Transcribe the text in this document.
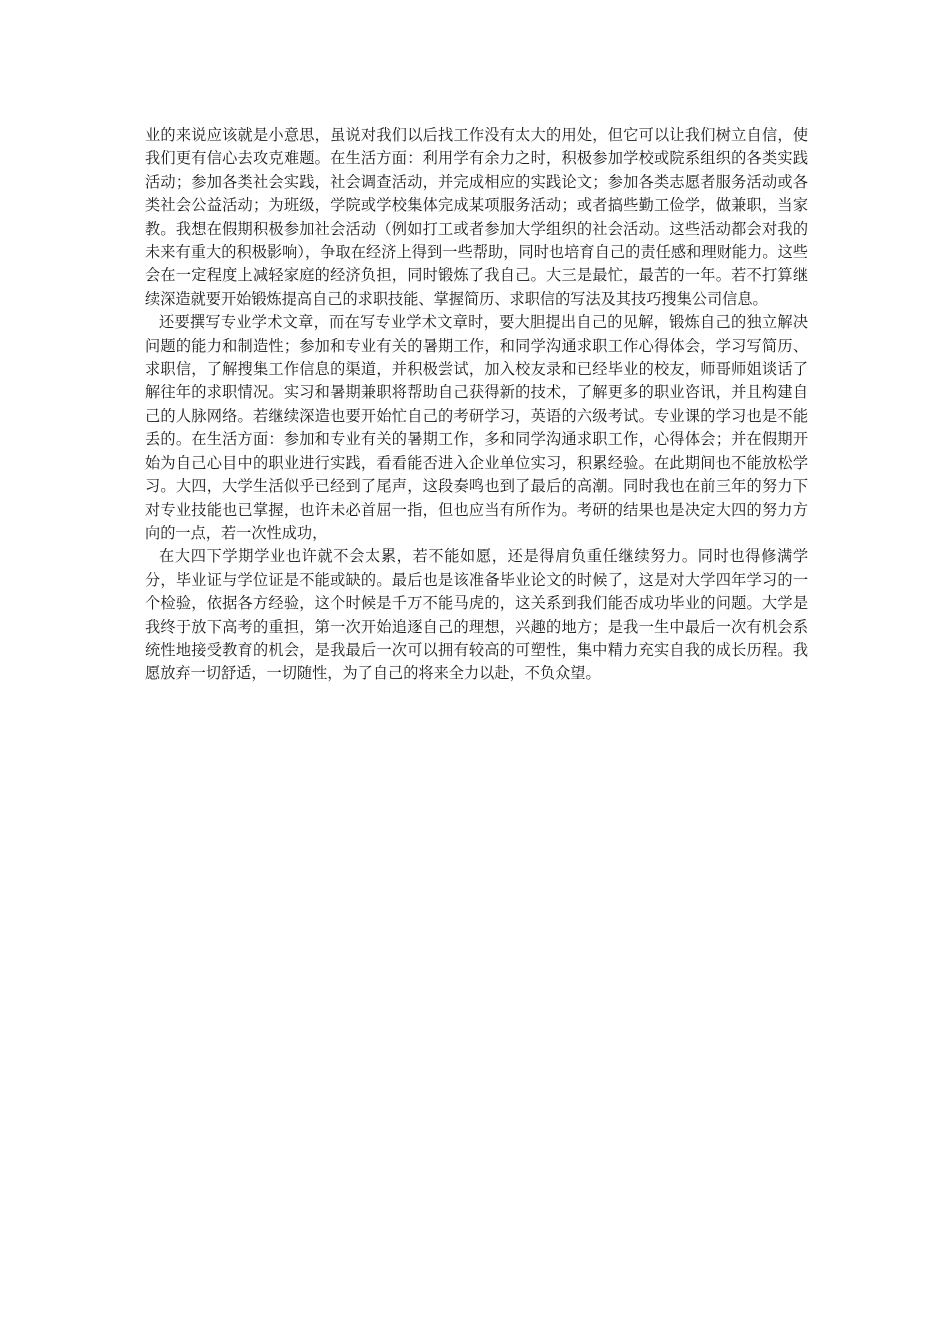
业的来说应该就是小意思，虽说对我们以后找工作没有太大的用处，但它可以让我们树立自信，使我们更有信心去攻克难题。在生活方面：利用学有余力之时，积极参加学校或院系组织的各类实践活动；参加各类社会实践，社会调查活动，并完成相应的实践论文；参加各类志愿者服务活动或各类社会公益活动；为班级，学院或学校集体完成某项服务活动；或者搞些勤工俭学，做兼职，当家教。我想在假期积极参加社会活动（例如打工或者参加大学组织的社会活动。这些活动都会对我的未来有重大的积极影响），争取在经济上得到一些帮助，同时也培育自己的责任感和理财能力。这些会在一定程度上减轻家庭的经济负担，同时锻炼了我自己。大三是最忙，最苦的一年。若不打算继续深造就要开始锻炼提高自己的求职技能、掌握简历、求职信的写法及其技巧搜集公司信息。

还要撰写专业学术文章，而在写专业学术文章时，要大胆提出自己的见解，锻炼自己的独立解决问题的能力和制造性；参加和专业有关的暑期工作，和同学沟通求职工作心得体会，学习写简历、求职信，了解搜集工作信息的渠道，并积极尝试，加入校友录和已经毕业的校友，师哥师姐谈话了解往年的求职情况。实习和暑期兼职将帮助自己获得新的技术，了解更多的职业咨讯，并且构建自己的人脉网络。若继续深造也要开始忙自己的考研学习，英语的六级考试。专业课的学习也是不能丢的。在生活方面：参加和专业有关的暑期工作，多和同学沟通求职工作，心得体会；并在假期开始为自己心目中的职业进行实践，看看能否进入企业单位实习，积累经验。在此期间也不能放松学习。大四，大学生活似乎已经到了尾声，这段奏鸣也到了最后的高潮。同时我也在前三年的努力下对专业技能也已掌握，也许未必首屈一指，但也应当有所作为。考研的结果也是决定大四的努力方向的一点，若一次性成功，

在大四下学期学业也许就不会太累，若不能如愿，还是得肩负重任继续努力。同时也得修满学分，毕业证与学位证是不能或缺的。最后也是该准备毕业论文的时候了，这是对大学四年学习的一个检验，依据各方经验，这个时候是千万不能马虎的，这关系到我们能否成功毕业的问题。大学是我终于放下高考的重担，第一次开始追逐自己的理想，兴趣的地方；是我一生中最后一次有机会系统性地接受教育的机会，是我最后一次可以拥有较高的可塑性，集中精力充实自我的成长历程。我愿放弃一切舒适，一切随性，为了自己的将来全力以赴，不负众望。
